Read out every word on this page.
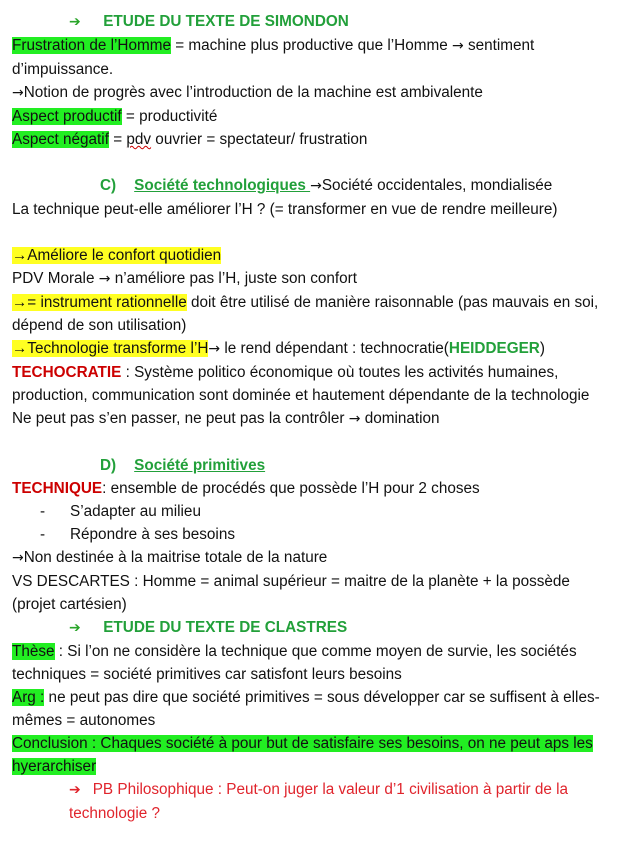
➔ ETUDE DU TEXTE DE SIMONDON
Frustration de l’Homme = machine plus productive que l’Homme → sentiment d’impuissance.
→Notion de progrès avec l’introduction de la machine est ambivalente
Aspect productif = productivité
Aspect négatif = pdv ouvrier = spectateur/ frustration
C) Société technologiques →Société occidentales, mondialisée
La technique peut-elle améliorer l’H ? (= transformer en vue de rendre meilleure)
→Améliore le confort quotidien
PDV Morale → n’améliore pas l’H, juste son confort
→= instrument rationnelle doit être utilisé de manière raisonnable (pas mauvais en soi, dépend de son utilisation)
→Technologie transforme l’H→ le rend dépendant : technocratie(HEIDDEGER)
TECHOCRATIE : Système politico économique où toutes les activités humaines, production, communication sont dominée et hautement dépendante de la technologie
Ne peut pas s’en passer, ne peut pas la contrôler → domination
D) Société primitives
TECHNIQUE: ensemble de procédés que possède l’H pour 2 choses
- S’adapter au milieu
- Répondre à ses besoins
→Non destinée à la maitrise totale de la nature
VS DESCARTES : Homme = animal supérieur = maitre de la planète + la possède (projet cartésien)
➔ ETUDE DU TEXTE DE CLASTRES
Thèse : Si l’on ne considère la technique que comme moyen de survie, les sociétés techniques = société primitives car satisfont leurs besoins
Arg : ne peut pas dire que société primitives = sous développer car se suffisent à elles-mêmes = autonomes
Conclusion : Chaques société à pour but de satisfaire ses besoins, on ne peut aps les hyerarchiser
➔ PB Philosophique : Peut-on juger la valeur d’1 civilisation à partir de la technologie ?
